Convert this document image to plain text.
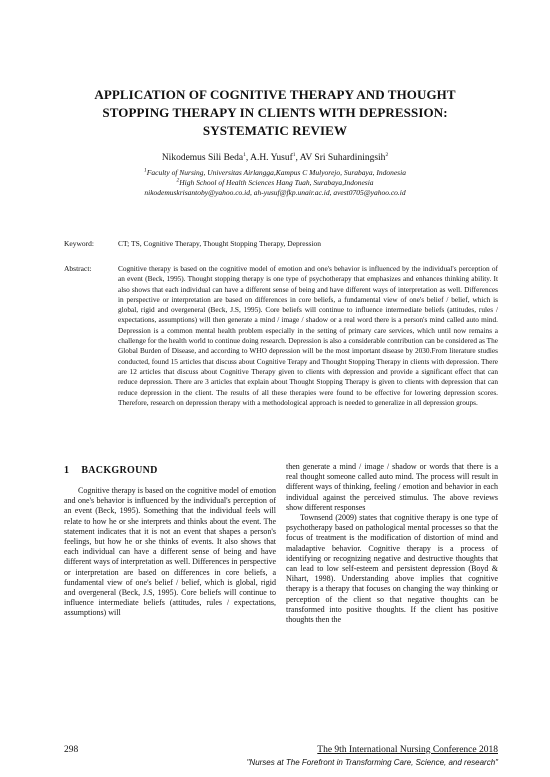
APPLICATION OF COGNITIVE THERAPY AND THOUGHT
STOPPING THERAPY IN CLIENTS WITH DEPRESSION:
SYSTEMATIC REVIEW
Nikodemus Sili Beda$^1$, A.H. Yusuf$^1$, AV Sri Suhardiningsih$^2$
$^1$Faculty of Nursing, Universitas Airlangga,Kampus C Mulyorejo, Surabaya, Indonesia
$^2$High School of Health Sciences Hang Tuah, Surabaya,Indonesia
nikodemuskrisantoby@yahoo.co.id, ah-yusuf@fkp.unair.ac.id, avest0705@yahoo.co.id
Keyword:	CT; TS, Cognitive Therapy, Thought Stopping Therapy, Depression
Abstract:	Cognitive therapy is based on the cognitive model of emotion and one's behavior is influenced by the individual's perception of an event (Beck, 1995). Thought stopping therapy is one type of psychotherapy that emphasizes and enhances thinking ability. It also shows that each individual can have a different sense of being and have different ways of interpretation as well. Differences in perspective or interpretation are based on differences in core beliefs, a fundamental view of one's belief / belief, which is global, rigid and overgeneral (Beck, J.S, 1995). Core beliefs will continue to influence intermediate beliefs (attitudes, rules / expectations, assumptions) will then generate a mind / image / shadow or a real word there is a person's mind called auto mind. Depression is a common mental health problem especially in the setting of primary care services, which until now remains a challenge for the health world to continue doing research. Depression is also a considerable contribution can be considered as The Global Burden of Disease, and according to WHO depression will be the most important disease by 2030.From literature studies conducted, found 15 articles that discuss about Cognitive Terapy and Thought Stopping Therapy in clients with depression. There are 12 articles that discuss about Cognitive Therapy given to clients with depression and provide a significant effect that can reduce depression. There are 3 articles that explain about Thought Stopping Therapy is given to clients with depression that can reduce depression in the client. The results of all these therapies were found to be effective for lowering depression scores. Therefore, research on depression therapy with a methodological approach is needed to generalize in all depression groups.
1 BACKGROUND

Cognitive therapy is based on the cognitive model of emotion and one's behavior is influenced by the individual's perception of an event (Beck, 1995). Something that the individual feels will relate to how he or she interprets and thinks about the event. The statement indicates that it is not an event that shapes a person's feelings, but how he or she thinks of events. It also shows that each individual can have a different sense of being and have different ways of interpretation as well. Differences in perspective or interpretation are based on differences in core beliefs, a fundamental view of one's belief / belief, which is global, rigid and overgeneral (Beck, J.S, 1995). Core beliefs will continue to influence intermediate beliefs (attitudes, rules / expectations, assumptions) will

then generate a mind / image / shadow or words that there is a real thought someone called auto mind. The process will result in different ways of thinking, feeling / emotion and behavior in each individual against the perceived stimulus. The above reviews show different responses

Townsend (2009) states that cognitive therapy is one type of psychotherapy based on pathological mental processes so that the focus of treatment is the modification of distortion of mind and maladaptive behavior. Cognitive therapy is a process of identifying or recognizing negative and destructive thoughts that can lead to low self-esteem and persistent depression (Boyd & Nihart, 1998). Understanding above implies that cognitive therapy is a therapy that focuses on changing the way thinking or perception of the client so that negative thoughts can be transformed into positive thoughts. If the client has positive thoughts then the

298	The 9th International Nursing Conference 2018
"Nurses at The Forefront in Transforming Care, Science, and research"
